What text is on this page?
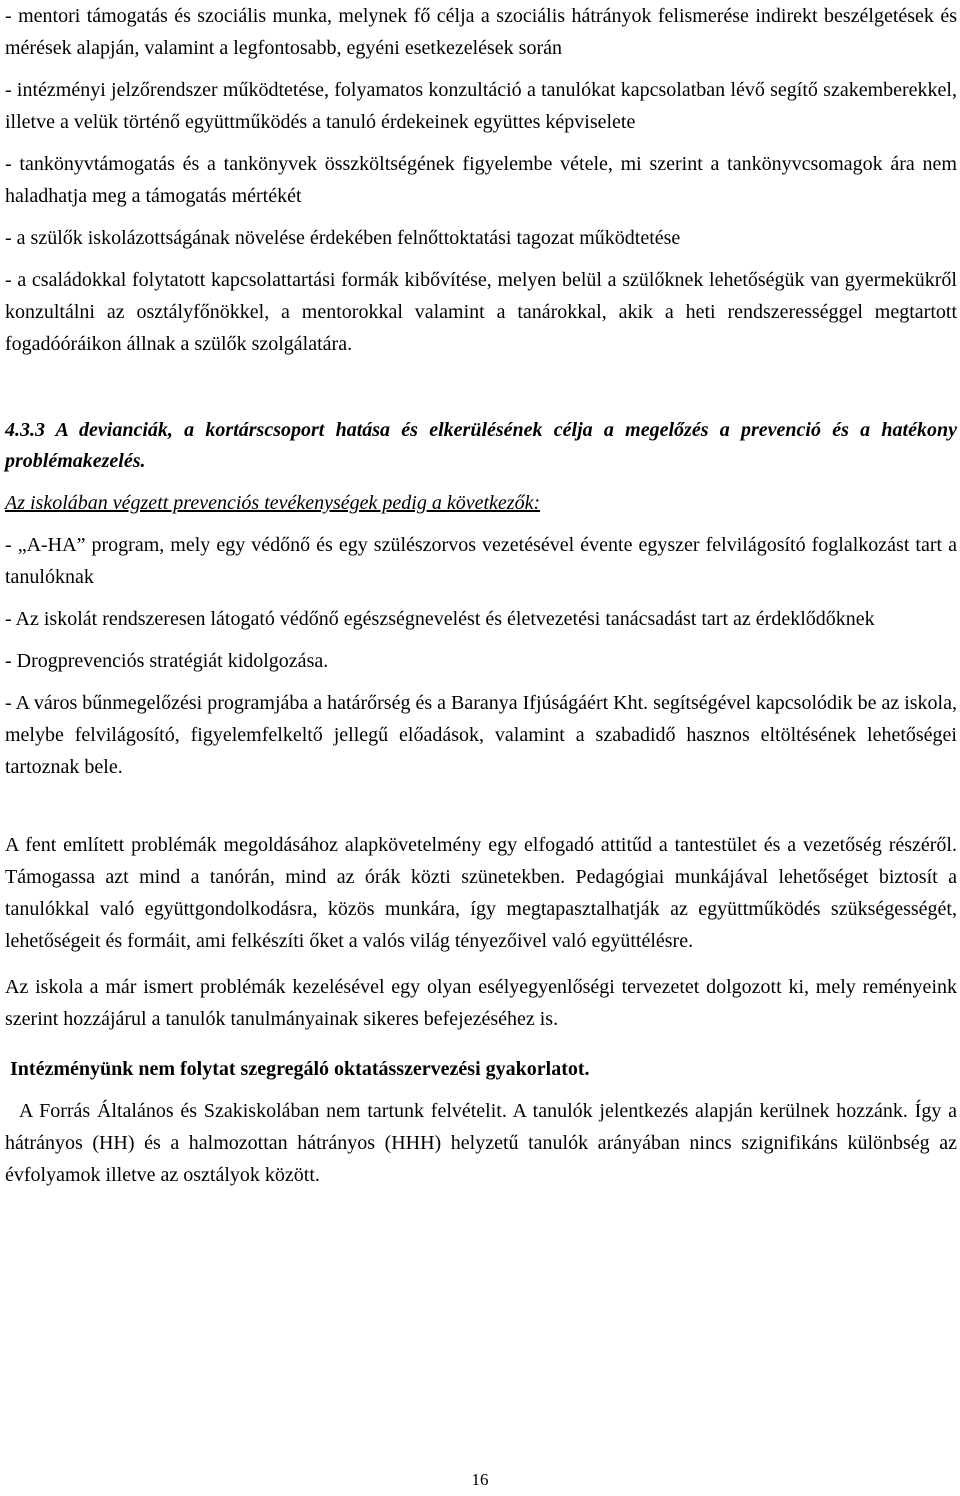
- mentori támogatás és szociális munka, melynek fő célja a szociális hátrányok felismerése indirekt beszélgetések és mérések alapján, valamint a legfontosabb, egyéni esetkezelések során

- intézményi jelzőrendszer működtetése, folyamatos konzultáció a tanulókat kapcsolatban lévő segítő szakemberekkel, illetve a velük történő együttműködés a tanuló érdekeinek együttes képviselete

- tankönyvtámogatás és a tankönyvek összköltségének figyelembe vétele, mi szerint a tankönyvcsomagok ára nem haladhatja meg a támogatás mértékét

- a szülők iskolázottságának növelése érdekében felnőttoktatási tagozat működtetése

- a családokkal folytatott kapcsolattartási formák kibővítése, melyen belül a szülőknek lehetőségük van gyermekükről konzultálni az osztályfőnökkel, a mentorokkal valamint a tanárokkal, akik a heti rendszerességgel megtartott fogadóóráikon állnak a szülők szolgálatára.

4.3.3 A devianciák, a kortárscsoport hatása és elkerülésének célja a megelőzés a prevenció és a hatékony problémakezelés.

Az iskolában végzett prevenciós tevékenységek pedig a következők:

- „A-HA” program, mely egy védőnő és egy szülészorvos vezetésével évente egyszer felvilágosító foglalkozást tart a tanulóknak

- Az iskolát rendszeresen látogató védőnő egészségnevelést és életvezetési tanácsadást tart az érdeklődőknek

- Drogprevenciós stratégiát kidolgozása.

- A város bűnmegelőzési programjába a határőrség és a Baranya Ifjúságáért Kht. segítségével kapcsolódik be az iskola, melybe felvilágosító, figyelemfelkeltő jellegű előadások, valamint a szabadidő hasznos eltöltésének lehetőségei tartoznak bele.

A fent említett problémák megoldásához alapkövetelmény egy elfogadó attitűd a tantestület és a vezetőség részéről. Támogassa azt mind a tanórán, mind az órák közti szünetekben. Pedagógiai munkájával lehetőséget biztosít a tanulókkal való együttgondolkodásra, közös munkára, így megtapasztalhatják az együttműködés szükségességét, lehetőségeit és formáit, ami felkészíti őket a valós világ tényezőivel való együttélésre.

Az iskola a már ismert problémák kezelésével egy olyan esélyegyenlőségi tervezetet dolgozott ki, mely reményeink szerint hozzájárul a tanulók tanulmányainak sikeres befejezéséhez is.

Intézményünk nem folytat szegregáló oktatásszervezési gyakorlatot.

A Forrás Általános és Szakiskolában nem tartunk felvételit. A tanulók jelentkezés alapján kerülnek hozzánk. Így a hátrányos (HH) és a halmozottan hátrányos (HHH) helyzetű tanulók arányában nincs szignifikáns különbség az évfolyamok illetve az osztályok között.

16
